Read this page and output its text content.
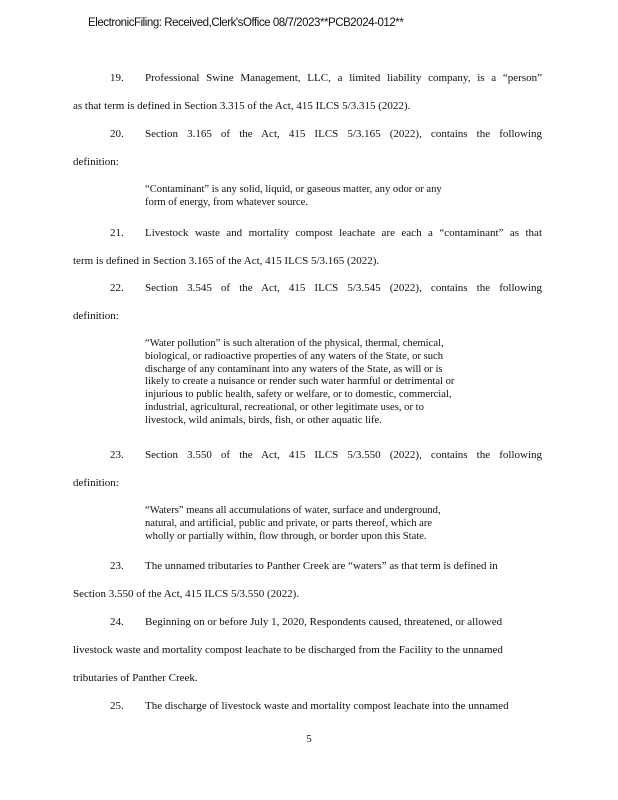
ElectronicFiling: Received,Clerk'sOffice 08/7/2023**PCB2024-012**
19. Professional Swine Management, LLC, a limited liability company, is a “person”
as that term is defined in Section 3.315 of the Act, 415 ILCS 5/3.315 (2022).
20. Section 3.165 of the Act, 415 ILCS 5/3.165 (2022), contains the following
definition:
“Contaminant” is any solid, liquid, or gaseous matter, any odor or any
form of energy, from whatever source.
21. Livestock waste and mortality compost leachate are each a “contaminant” as that
term is defined in Section 3.165 of the Act, 415 ILCS 5/3.165 (2022).
22. Section 3.545 of the Act, 415 ILCS 5/3.545 (2022), contains the following
definition:
“Water pollution” is such alteration of the physical, thermal, chemical,
biological, or radioactive properties of any waters of the State, or such
discharge of any contaminant into any waters of the State, as will or is
likely to create a nuisance or render such water harmful or detrimental or
injurious to public health, safety or welfare, or to domestic, commercial,
industrial, agricultural, recreational, or other legitimate uses, or to
livestock, wild animals, birds, fish, or other aquatic life.
23. Section 3.550 of the Act, 415 ILCS 5/3.550 (2022), contains the following
definition:
“Waters” means all accumulations of water, surface and underground,
natural, and artificial, public and private, or parts thereof, which are
wholly or partially within, flow through, or border upon this State.
23. The unnamed tributaries to Panther Creek are “waters” as that term is defined in
Section 3.550 of the Act, 415 ILCS 5/3.550 (2022).
24. Beginning on or before July 1, 2020, Respondents caused, threatened, or allowed
livestock waste and mortality compost leachate to be discharged from the Facility to the unnamed
tributaries of Panther Creek.
25. The discharge of livestock waste and mortality compost leachate into the unnamed
5
